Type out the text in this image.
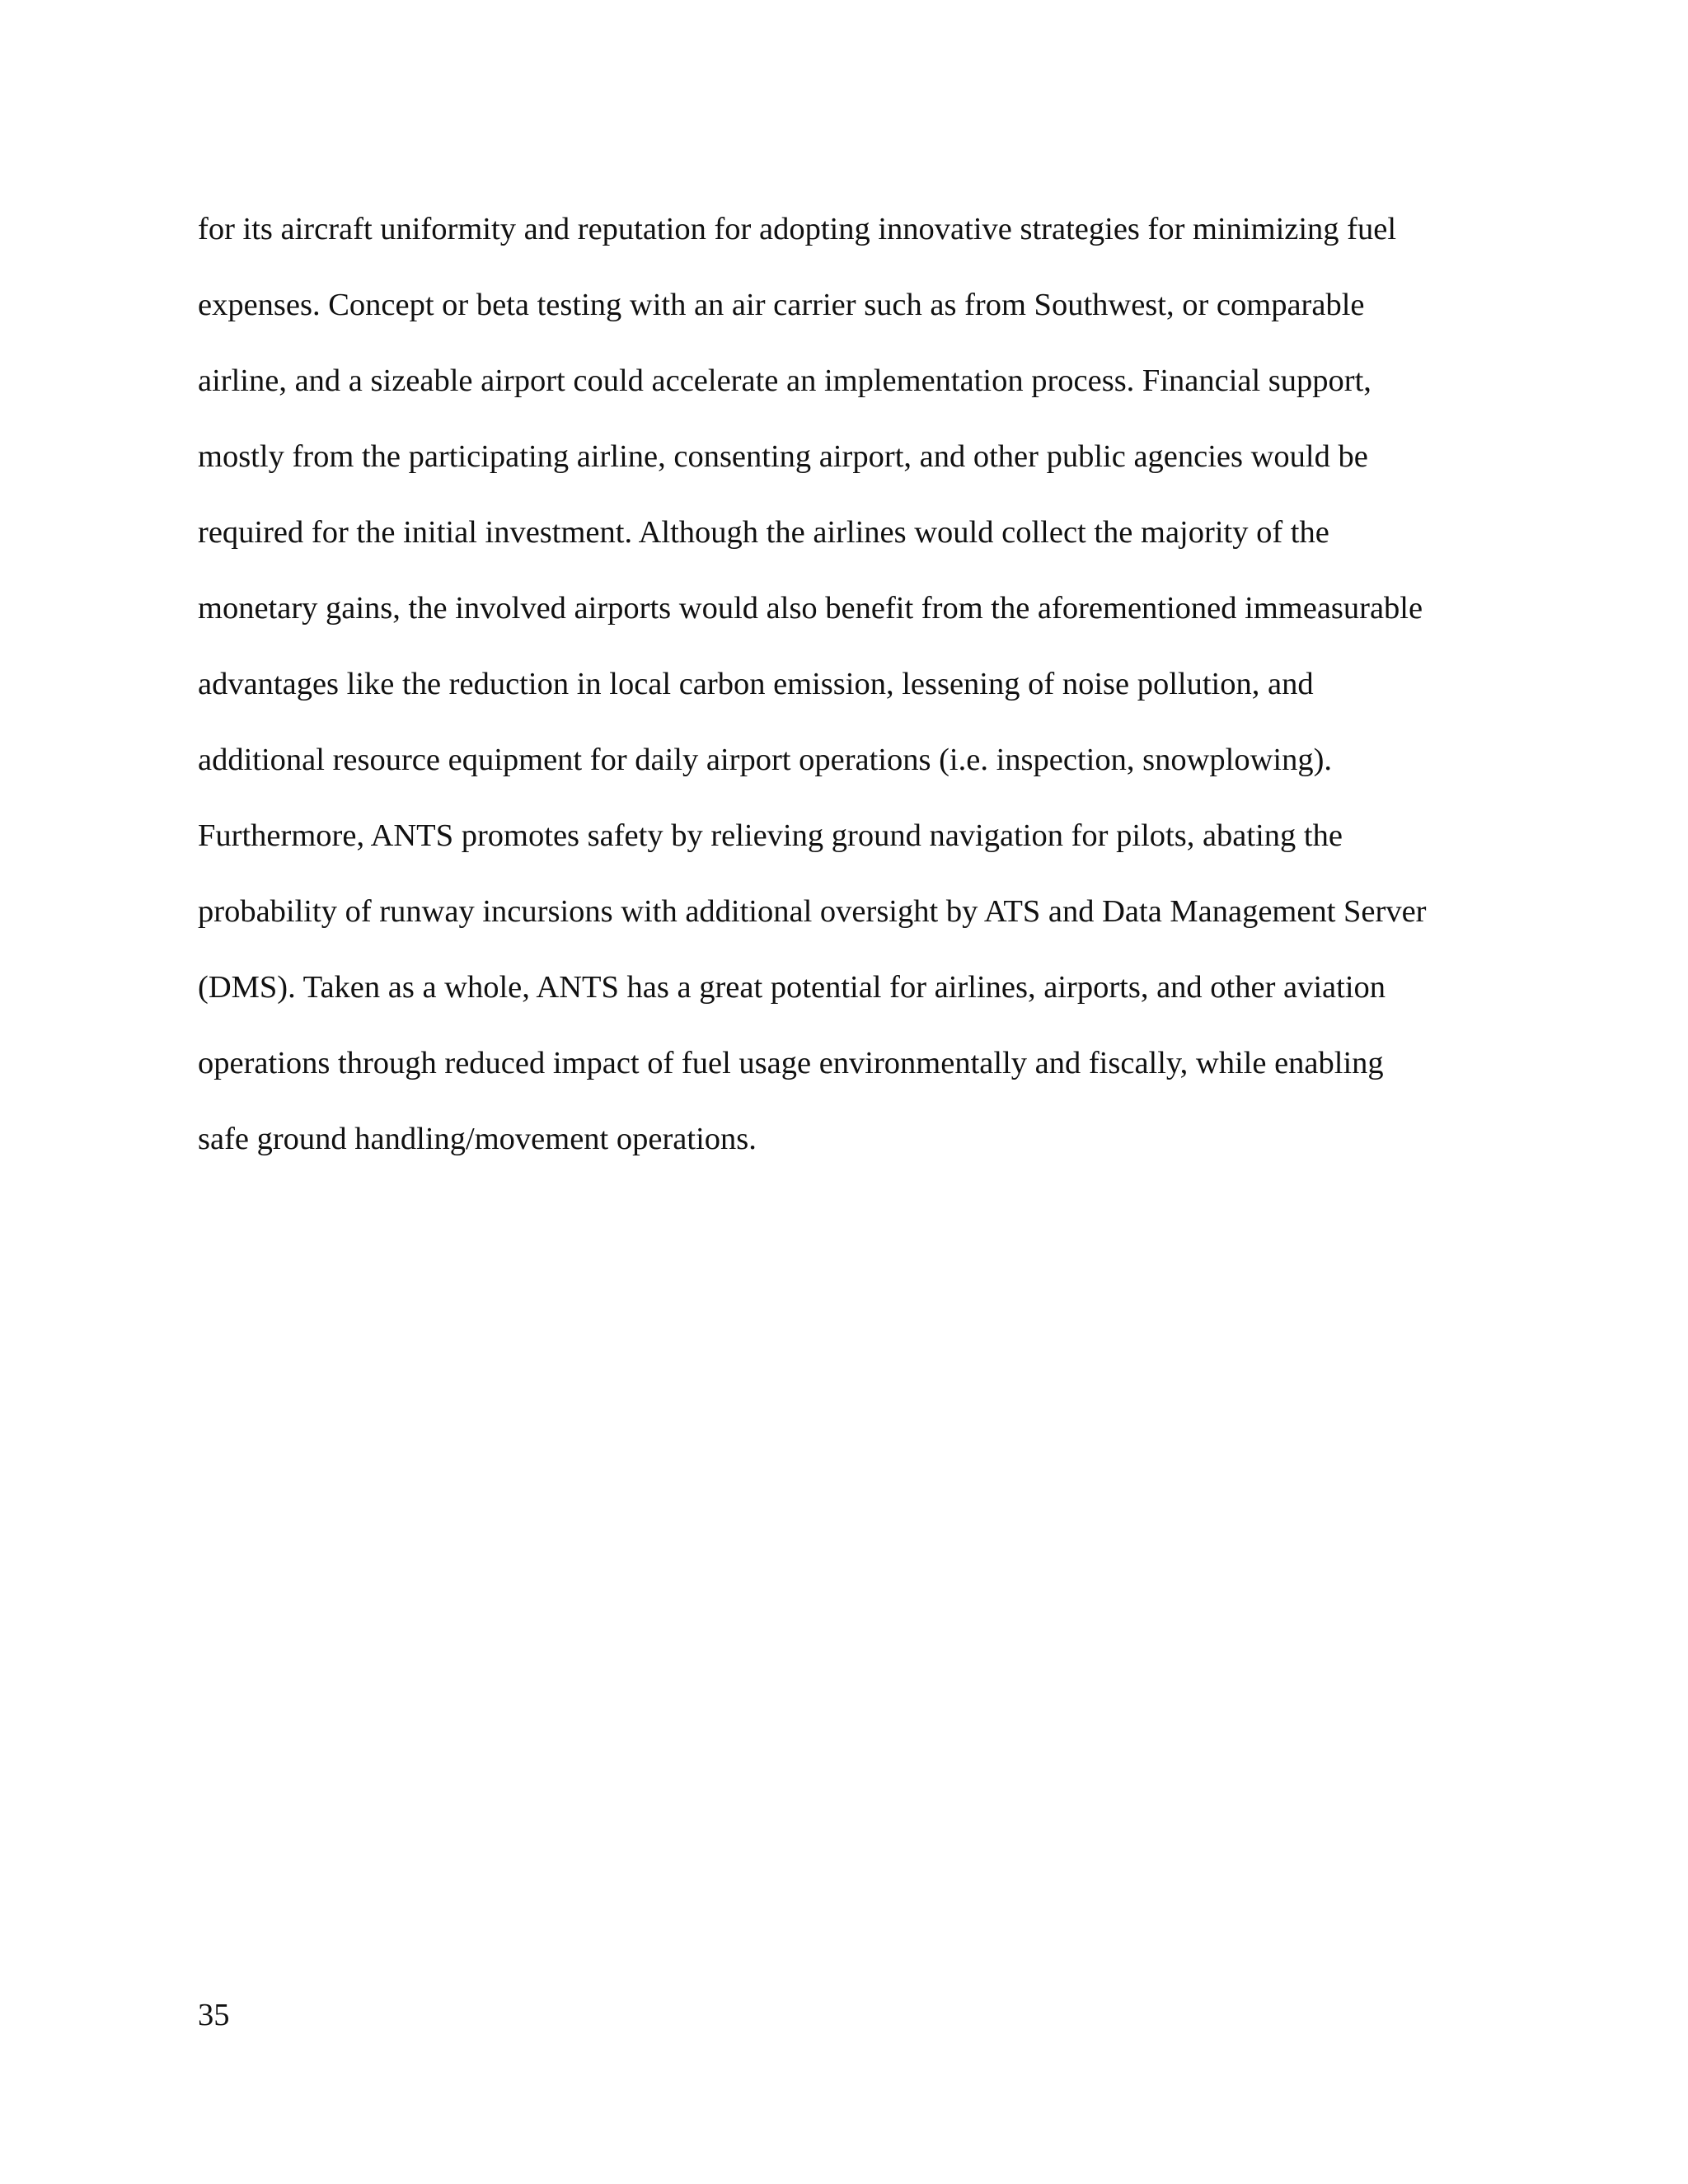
for its aircraft uniformity and reputation for adopting innovative strategies for minimizing fuel
expenses. Concept or beta testing with an air carrier such as from Southwest, or comparable
airline, and a sizeable airport could accelerate an implementation process. Financial support,
mostly from the participating airline, consenting airport, and other public agencies would be
required for the initial investment. Although the airlines would collect the majority of the
monetary gains, the involved airports would also benefit from the aforementioned immeasurable
advantages like the reduction in local carbon emission, lessening of noise pollution, and
additional resource equipment for daily airport operations (i.e. inspection, snowplowing).
Furthermore, ANTS promotes safety by relieving ground navigation for pilots, abating the
probability of runway incursions with additional oversight by ATS and Data Management Server
(DMS). Taken as a whole, ANTS has a great potential for airlines, airports, and other aviation
operations through reduced impact of fuel usage environmentally and fiscally, while enabling
safe ground handling/movement operations.
35
